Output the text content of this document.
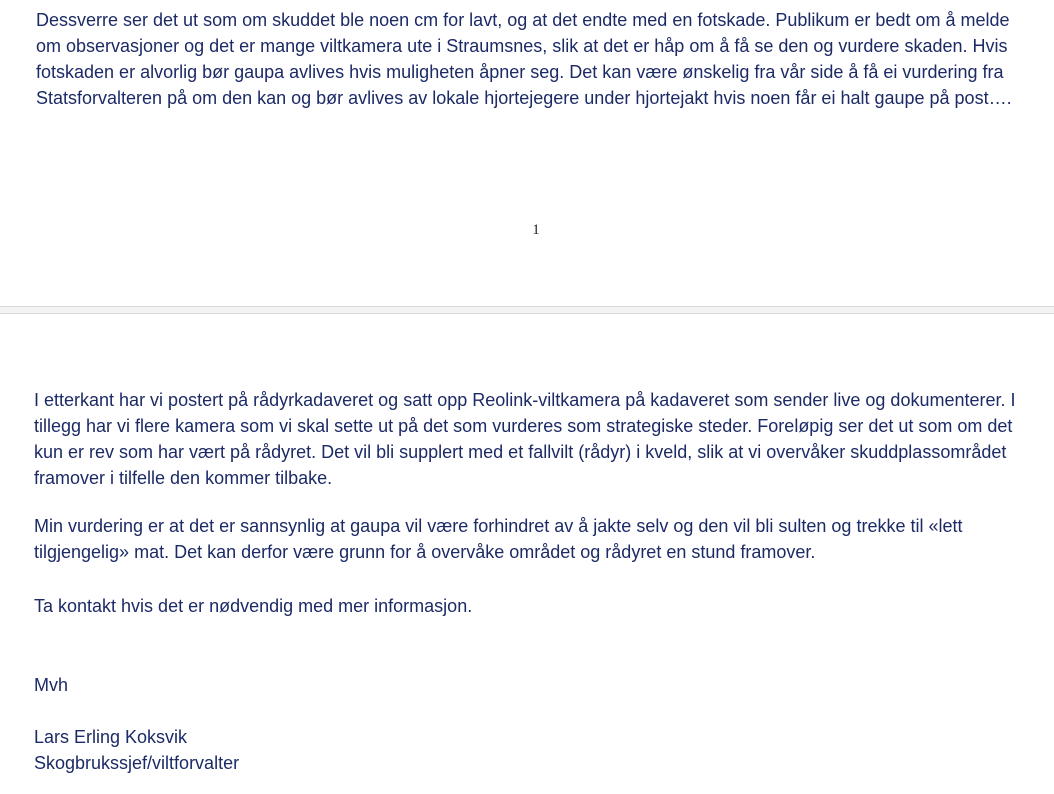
Dessverre ser det ut som om skuddet ble noen cm for lavt, og at det endte med en fotskade. Publikum er bedt om å melde om observasjoner og det er mange viltkamera ute i Straumsnes, slik at det er håp om å få se den og vurdere skaden. Hvis fotskaden er alvorlig bør gaupa avlives hvis muligheten åpner seg. Det kan være ønskelig fra vår side å få ei vurdering fra Statsforvalteren på om den kan og bør avlives av lokale hjortejegere under hjortejakt hvis noen får ei halt gaupe på post….

1

I etterkant har vi postert på rådyrkadaveret og satt opp Reolink-viltkamera på kadaveret som sender live og dokumenterer. I tillegg har vi flere kamera som vi skal sette ut på det som vurderes som strategiske steder. Foreløpig ser det ut som om det kun er rev som har vært på rådyret. Det vil bli supplert med et fallvilt (rådyr) i kveld, slik at vi overvåker skuddplassområdet framover i tilfelle den kommer tilbake.

Min vurdering er at det er sannsynlig at gaupa vil være forhindret av å jakte selv og den vil bli sulten og trekke til «lett tilgjengelig» mat. Det kan derfor være grunn for å overvåke området og rådyret en stund framover.

Ta kontakt hvis det er nødvendig med mer informasjon.

Mvh

Lars Erling Koksvik

Skogbrukssjef/viltforvalter
